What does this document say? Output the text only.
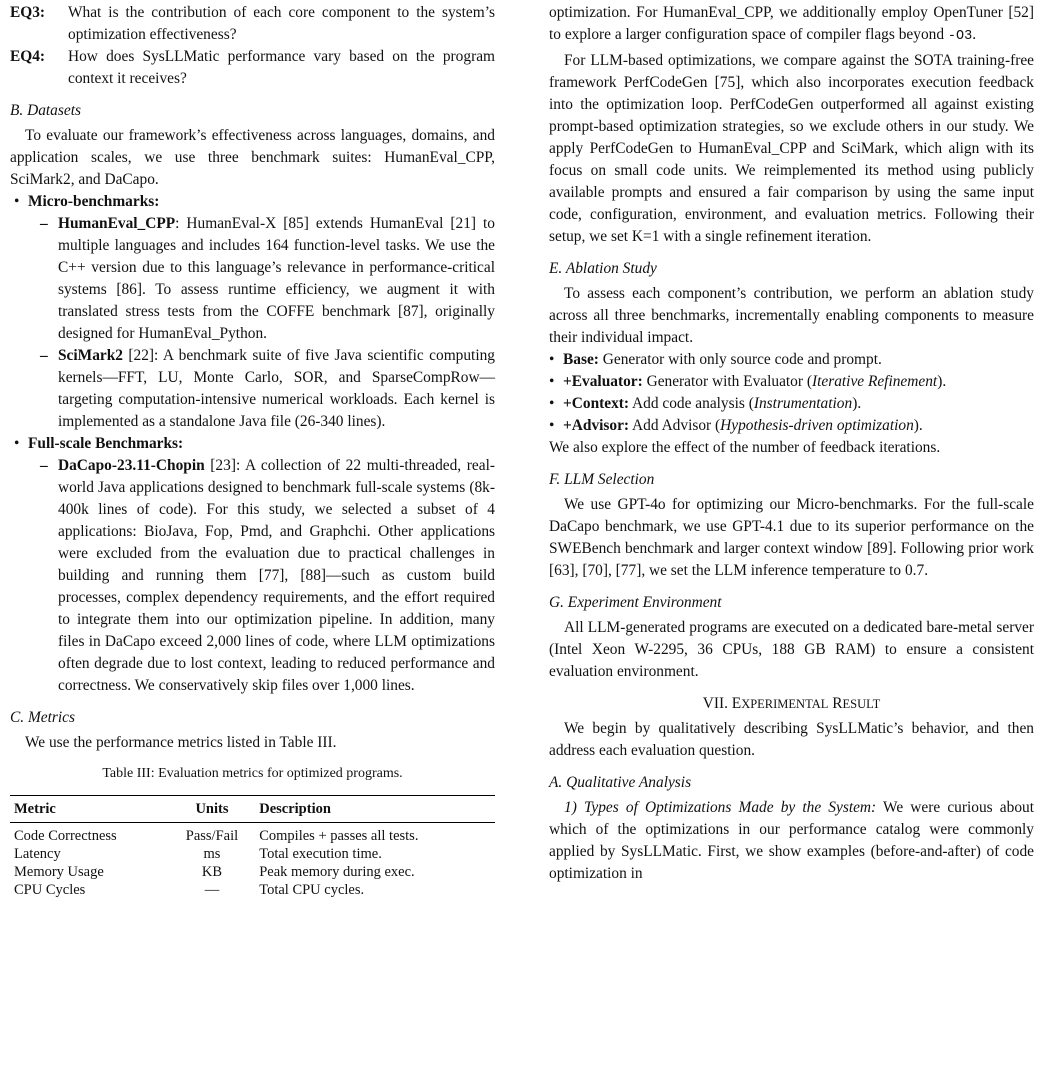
EQ3: What is the contribution of each core component to the system’s optimization effectiveness?
EQ4: How does SysLLMatic performance vary based on the program context it receives?

B. Datasets

To evaluate our framework’s effectiveness across languages, domains, and application scales, we use three benchmark suites: HumanEval_CPP, SciMark2, and DaCapo.

• Micro-benchmarks:
– HumanEval_CPP: HumanEval-X [85] extends HumanEval [21] to multiple languages and includes 164 function-level tasks. We use the C++ version due to this language’s relevance in performance-critical systems [86]. To assess runtime efficiency, we augment it with translated stress tests from the COFFE benchmark [87], originally designed for HumanEval_Python.
– SciMark2 [22]: A benchmark suite of five Java scientific computing kernels—FFT, LU, Monte Carlo, SOR, and SparseCompRow—targeting computation-intensive numerical workloads. Each kernel is implemented as a standalone Java file (26-340 lines).
• Full-scale Benchmarks:
– DaCapo-23.11-Chopin [23]: A collection of 22 multi-threaded, real-world Java applications designed to benchmark full-scale systems (8k-400k lines of code). For this study, we selected a subset of 4 applications: BioJava, Fop, Pmd, and Graphchi. Other applications were excluded from the evaluation due to practical challenges in building and running them [77], [88]—such as custom build processes, complex dependency requirements, and the effort required to integrate them into our optimization pipeline. In addition, many files in DaCapo exceed 2,000 lines of code, where LLM optimizations often degrade due to lost context, leading to reduced performance and correctness. We conservatively skip files over 1,000 lines.

C. Metrics

We use the performance metrics listed in Table III.

Table III: Evaluation metrics for optimized programs.

Metric	Units	Description
Code Correctness	Pass/Fail	Compiles + passes all tests.
Latency	ms	Total execution time.
Memory Usage	KB	Peak memory during exec.
CPU Cycles	—	Total CPU cycles.

optimization. For HumanEval_CPP, we additionally employ OpenTuner [52] to explore a larger configuration space of compiler flags beyond -O3.

For LLM-based optimizations, we compare against the SOTA training-free framework PerfCodeGen [75], which also incorporates execution feedback into the optimization loop. PerfCodeGen outperformed all against existing prompt-based optimization strategies, so we exclude others in our study. We apply PerfCodeGen to HumanEval_CPP and SciMark, which align with its focus on small code units. We reimplemented its method using publicly available prompts and ensured a fair comparison by using the same input code, configuration, environment, and evaluation metrics. Following their setup, we set K=1 with a single refinement iteration.

E. Ablation Study

To assess each component’s contribution, we perform an ablation study across all three benchmarks, incrementally enabling components to measure their individual impact.

• Base: Generator with only source code and prompt.
• +Evaluator: Generator with Evaluator (Iterative Refinement).
• +Context: Add code analysis (Instrumentation).
• +Advisor: Add Advisor (Hypothesis-driven optimization).

We also explore the effect of the number of feedback iterations.

F. LLM Selection

We use GPT-4o for optimizing our Micro-benchmarks. For the full-scale DaCapo benchmark, we use GPT-4.1 due to its superior performance on the SWEBench benchmark and larger context window [89]. Following prior work [63], [70], [77], we set the LLM inference temperature to 0.7.

G. Experiment Environment

All LLM-generated programs are executed on a dedicated bare-metal server (Intel Xeon W-2295, 36 CPUs, 188 GB RAM) to ensure a consistent evaluation environment.

VII. EXPERIMENTAL RESULT

We begin by qualitatively describing SysLLMatic’s behavior, and then address each evaluation question.

A. Qualitative Analysis

1) Types of Optimizations Made by the System: We were curious about which of the optimizations in our performance catalog were commonly applied by SysLLMatic. First, we show examples (before-and-after) of code optimization in
